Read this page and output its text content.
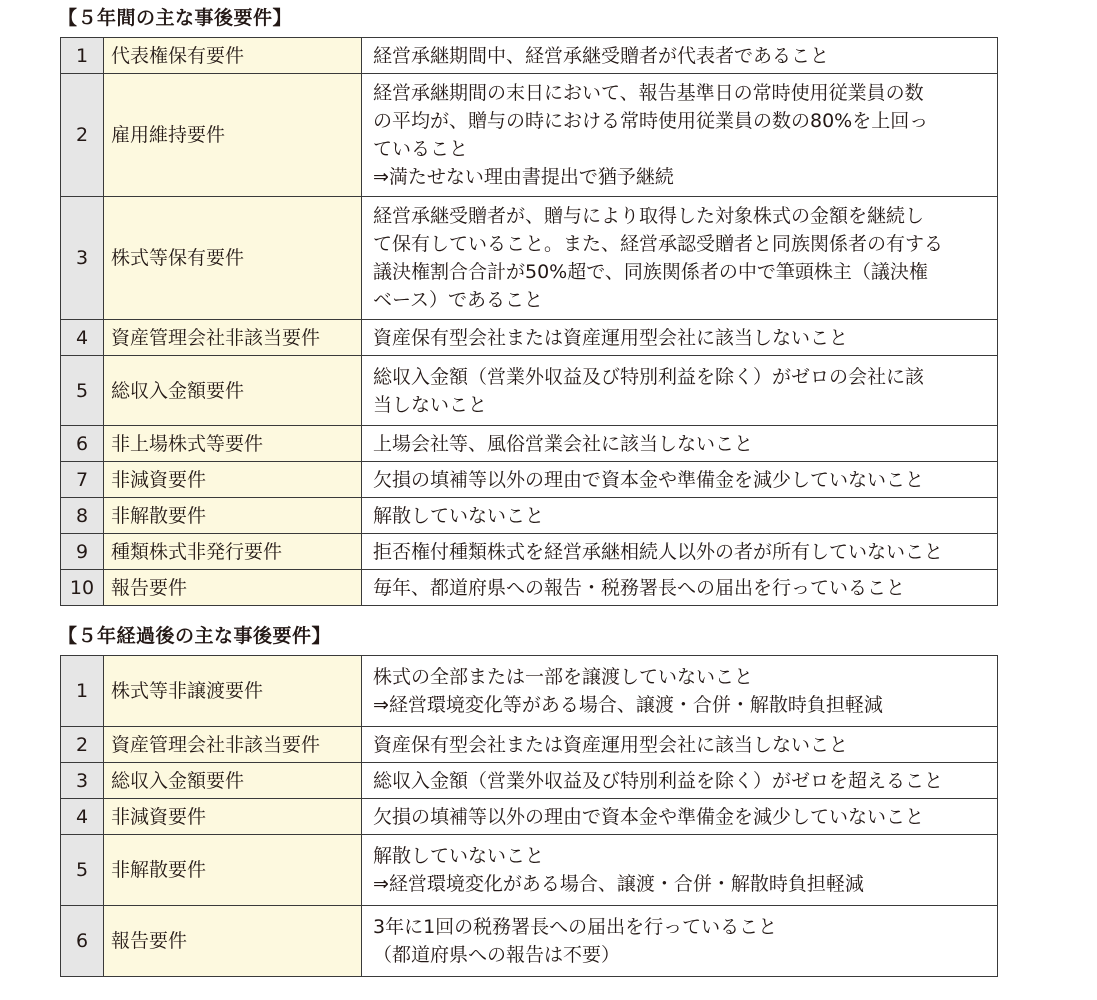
【５年間の主な事後要件】
1	代表権保有要件	経営承継期間中、経営承継受贈者が代表者であること

2	雇用維持要件	経営承継期間の末日において、報告基準日の常時使用従業員の数
の平均が、贈与の時における常時使用従業員の数の80%を上回っ
ていること
⇒満たせない理由書提出で猶予継続

3	株式等保有要件	経営承継受贈者が、贈与により取得した対象株式の金額を継続し
て保有していること。また、経営承認受贈者と同族関係者の有する
議決権割合合計が50%超で、同族関係者の中で筆頭株主（議決権
ベース）であること

4	資産管理会社非該当要件	資産保有型会社または資産運用型会社に該当しないこと

5	総収入金額要件	総収入金額（営業外収益及び特別利益を除く）がゼロの会社に該
当しないこと

6	非上場株式等要件	上場会社等、風俗営業会社に該当しないこと

7	非減資要件	欠損の填補等以外の理由で資本金や準備金を減少していないこと

8	非解散要件	解散していないこと

9	種類株式非発行要件	拒否権付種類株式を経営承継相続人以外の者が所有していないこと

10	報告要件	毎年、都道府県への報告・税務署長への届出を行っていること
【５年経過後の主な事後要件】
1	株式等非譲渡要件	株式の全部または一部を譲渡していないこと
⇒経営環境変化等がある場合、譲渡・合併・解散時負担軽減

2	資産管理会社非該当要件	資産保有型会社または資産運用型会社に該当しないこと

3	総収入金額要件	総収入金額（営業外収益及び特別利益を除く）がゼロを超えること

4	非減資要件	欠損の填補等以外の理由で資本金や準備金を減少していないこと

5	非解散要件	解散していないこと
⇒経営環境変化がある場合、譲渡・合併・解散時負担軽減

6	報告要件	3年に1回の税務署長への届出を行っていること
（都道府県への報告は不要）
